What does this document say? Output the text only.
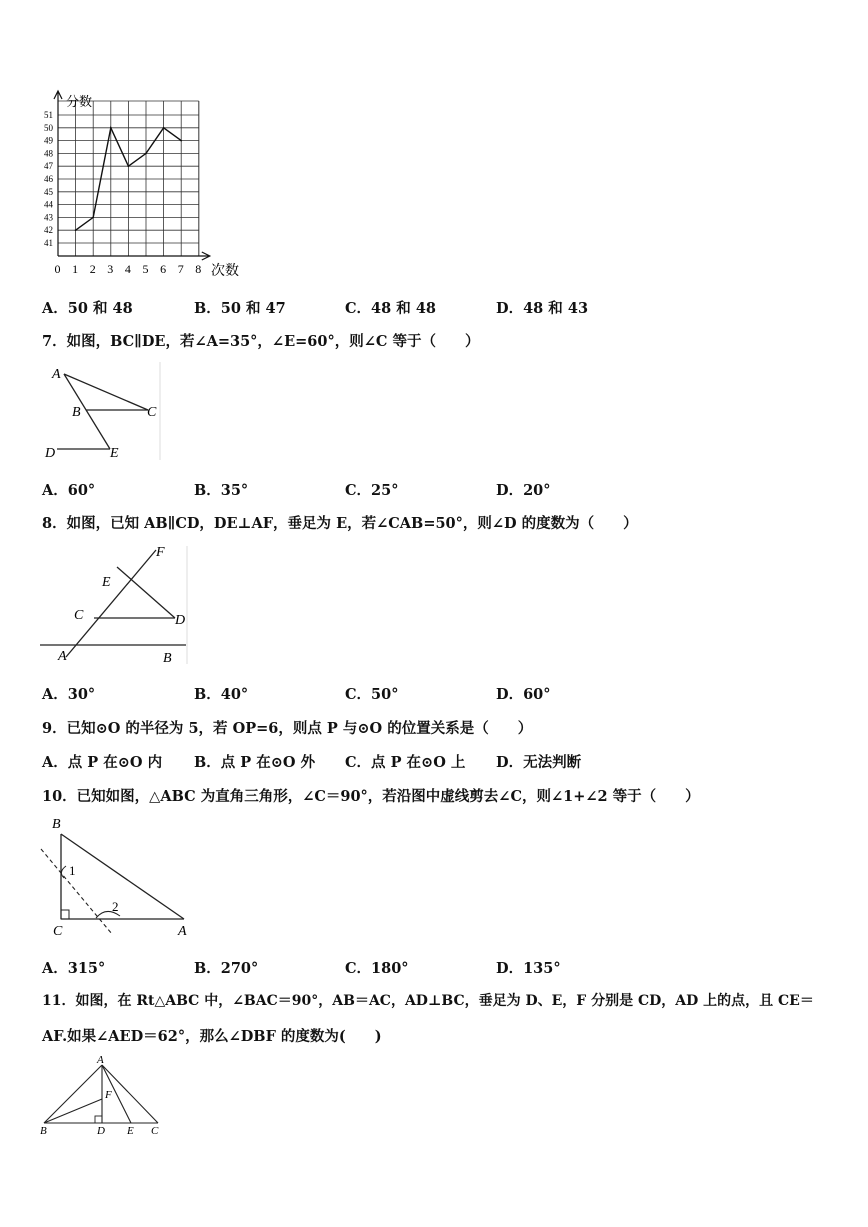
0 1 2 3 4 5 6 7 8
41
42
43
44
45
46
47
48
49
50
51
分数
次数
A．50 和 48	B．50 和 47	C．48 和 48	D．48 和 43
7．如图，BC∥DE，若∠A=35°，∠E=60°，则∠C 等于（　　）
A
B	C
D	E
A．60°	B．35°	C．25°	D．20°
8．如图，已知 AB∥CD，DE⊥AF，垂足为 E，若∠CAB=50°，则∠D 的度数为（　　）
F
E
C	D
A	B
A．30°	B．40°	C．50°	D．60°
9．已知⊙O 的半径为 5，若 OP=6，则点 P 与⊙O 的位置关系是（　　）
A．点 P 在⊙O 内 B．点 P 在⊙O 外 C．点 P 在⊙O 上 D．无法判断
10．已知如图，△ABC 为直角三角形，∠C＝90°，若沿图中虚线剪去∠C，则∠1+∠2 等于（　　）
B
1
2
C	A
A．315°	B．270°	C．180°	D．135°
11．如图，在 Rt△ABC 中，∠BAC＝90°，AB＝AC，AD⊥BC，垂足为 D、E，F 分别是 CD，AD 上的点，且 CE＝
AF.如果∠AED＝62°，那么∠DBF 的度数为(　　)
A
F
B	D E C
